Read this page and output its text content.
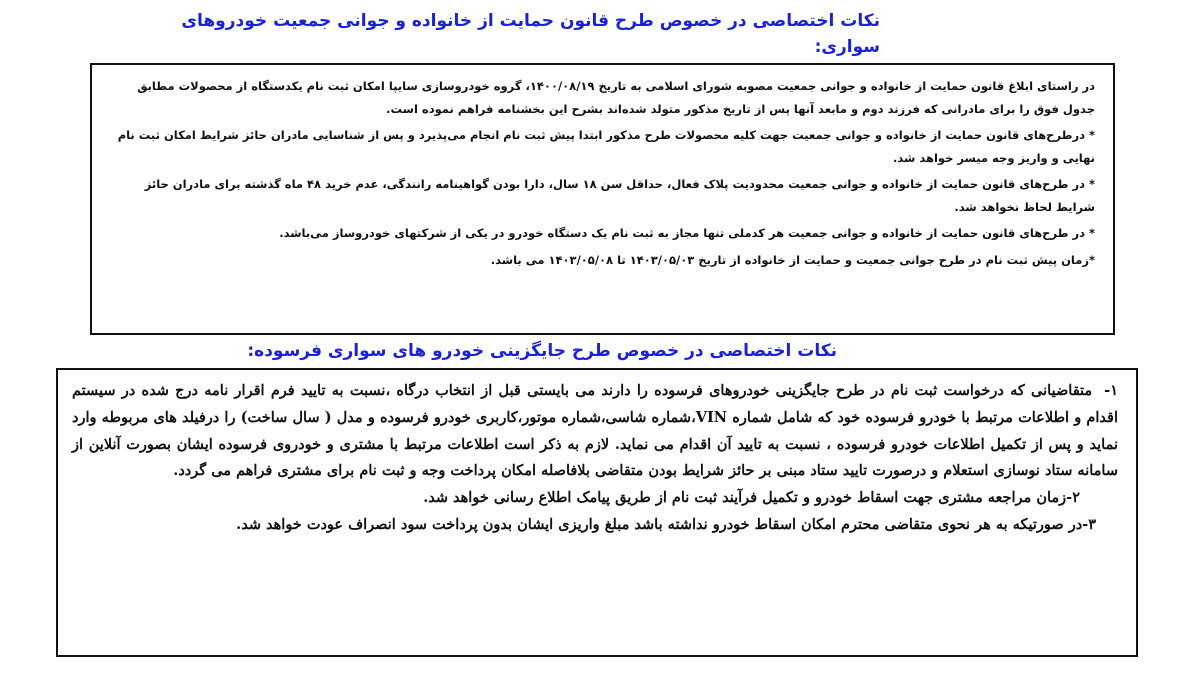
نکات اختصاصی در خصوص طرح قانون حمایت از خانواده و جوانی جمعیت خودروهای سواری:

در راستای ابلاغ قانون حمایت از خانواده و جوانی جمعیت مصوبه شورای اسلامی به تاریخ ۱۴۰۰/۰۸/۱۹، گروه خودروسازی سایپا امکان ثبت نام یکدستگاه از محصولات مطابق جدول فوق را برای مادرانی که فرزند دوم و مابعد آنها پس از تاریخ مذکور متولد شده‌اند بشرح این بخشنامه فراهم نموده است.

* درطرح‌های قانون حمایت از خانواده و جوانی جمعیت جهت کلیه محصولات طرح مذکور ابتدا پیش ثبت نام انجام می‌پذیرد و پس از شناسایی مادران حائز شرایط امکان ثبت نام نهایی و واریز وجه میسر خواهد شد.

* در طرح‌های قانون حمایت از خانواده و جوانی جمعیت محدودیت پلاک فعال، حداقل سن ۱۸ سال، دارا بودن گواهینامه رانندگی، عدم خرید ۴۸ ماه گذشته برای مادران حائز شرایط لحاظ نخواهد شد.

* در طرح‌های قانون حمایت از خانواده و جوانی جمعیت هر کدملی تنها مجاز به ثبت نام یک دستگاه خودرو در یکی از شرکتهای خودروساز می‌باشد.

*زمان پیش ثبت نام در طرح جوانی جمعیت و حمایت از خانواده از تاریخ ۱۴۰۳/۰۵/۰۳ تا ۱۴۰۳/۰۵/۰۸ می باشد.

نکات اختصاصی در خصوص طرح جایگزینی خودرو های سواری فرسوده:

۱-متقاضیانی که درخواست ثبت نام در طرح جایگزینی خودروهای فرسوده را دارند می بایستی قبل از انتخاب درگاه ،نسبت به تایید فرم اقرار نامه درج شده در سیستم اقدام و اطلاعات مرتبط با خودرو فرسوده خود که شامل شماره VIN،شماره شاسی،شماره موتور،کاربری خودرو فرسوده و مدل ( سال ساخت) را درفیلد های مربوطه وارد نماید و پس از تکمیل اطلاعات خودرو فرسوده ، نسبت به تایید آن اقدام می نماید. لازم به ذکر است اطلاعات مرتبط با مشتری و خودروی فرسوده ایشان بصورت آنلاین از سامانه ستاد نوسازی استعلام و درصورت تایید ستاد مبنی بر حائز شرایط بودن متقاضی بلافاصله امکان پرداخت وجه و ثبت نام برای مشتری فراهم می گردد.

۲-زمان مراجعه مشتری جهت اسقاط خودرو و تکمیل فرآیند ثبت نام از طریق پیامک اطلاع رسانی خواهد شد.

۳-در صورتیکه به هر نحوی متقاضی محترم امکان اسقاط خودرو نداشته باشد مبلغ واریزی ایشان بدون پرداخت سود انصراف عودت خواهد شد.
